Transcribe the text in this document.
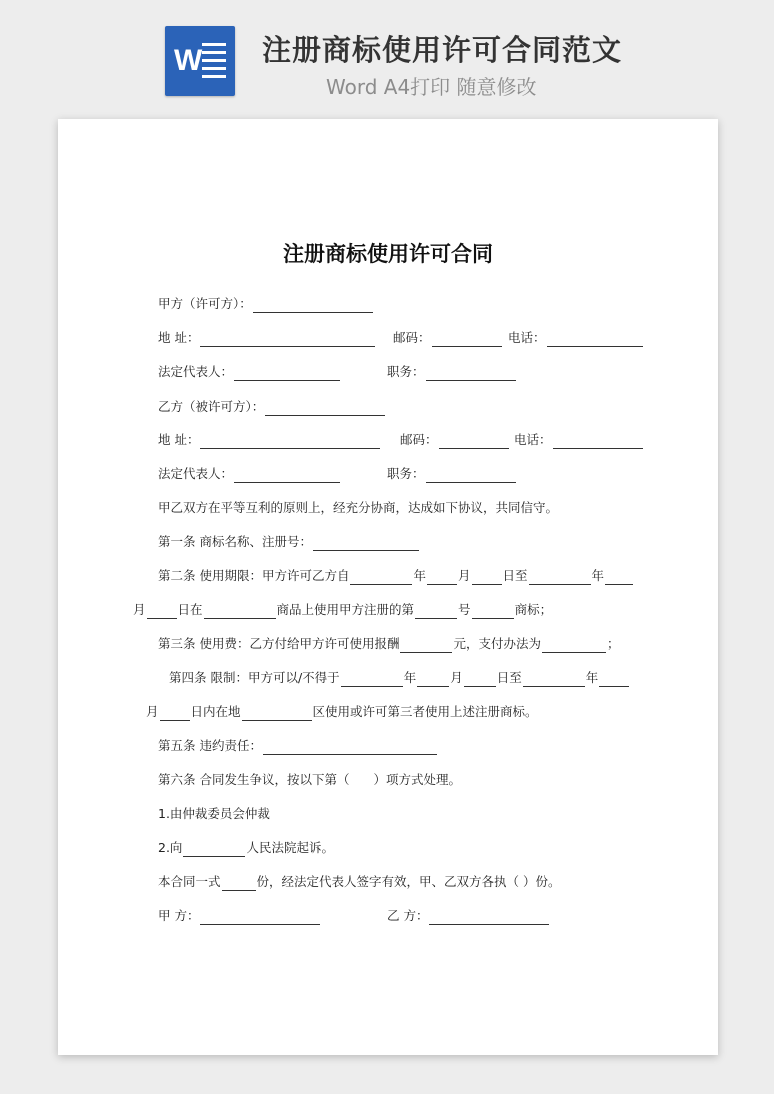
W 注册商标使用许可合同范文
Word A4打印 随意修改

注册商标使用许可合同
甲方（许可方）：
地 址：	邮码：	电话：
法定代表人：	职务：
乙方（被许可方）：
地 址：	邮码：	电话：
法定代表人：	职务：
甲乙双方在平等互利的原则上，经充分协商，达成如下协议，共同信守。
第一条 商标名称、注册号：
第二条 使用期限：甲方许可乙方自	年	月	日至	年
月	日在	商品上使用甲方注册的第	号	商标；
第三条 使用费：乙方付给甲方许可使用报酬	元，支付办法为	；
第四条 限制：甲方可以/不得于	年	月	日至	年
月	日内在地	区使用或许可第三者使用上述注册商标。
第五条 违约责任：
第六条 合同发生争议，按以下第（ ）项方式处理。
1.由仲裁委员会仲裁
2.向	人民法院起诉。
本合同一式	份，经法定代表人签字有效，甲、乙双方各执（ ）份。
甲 方：	乙 方：
